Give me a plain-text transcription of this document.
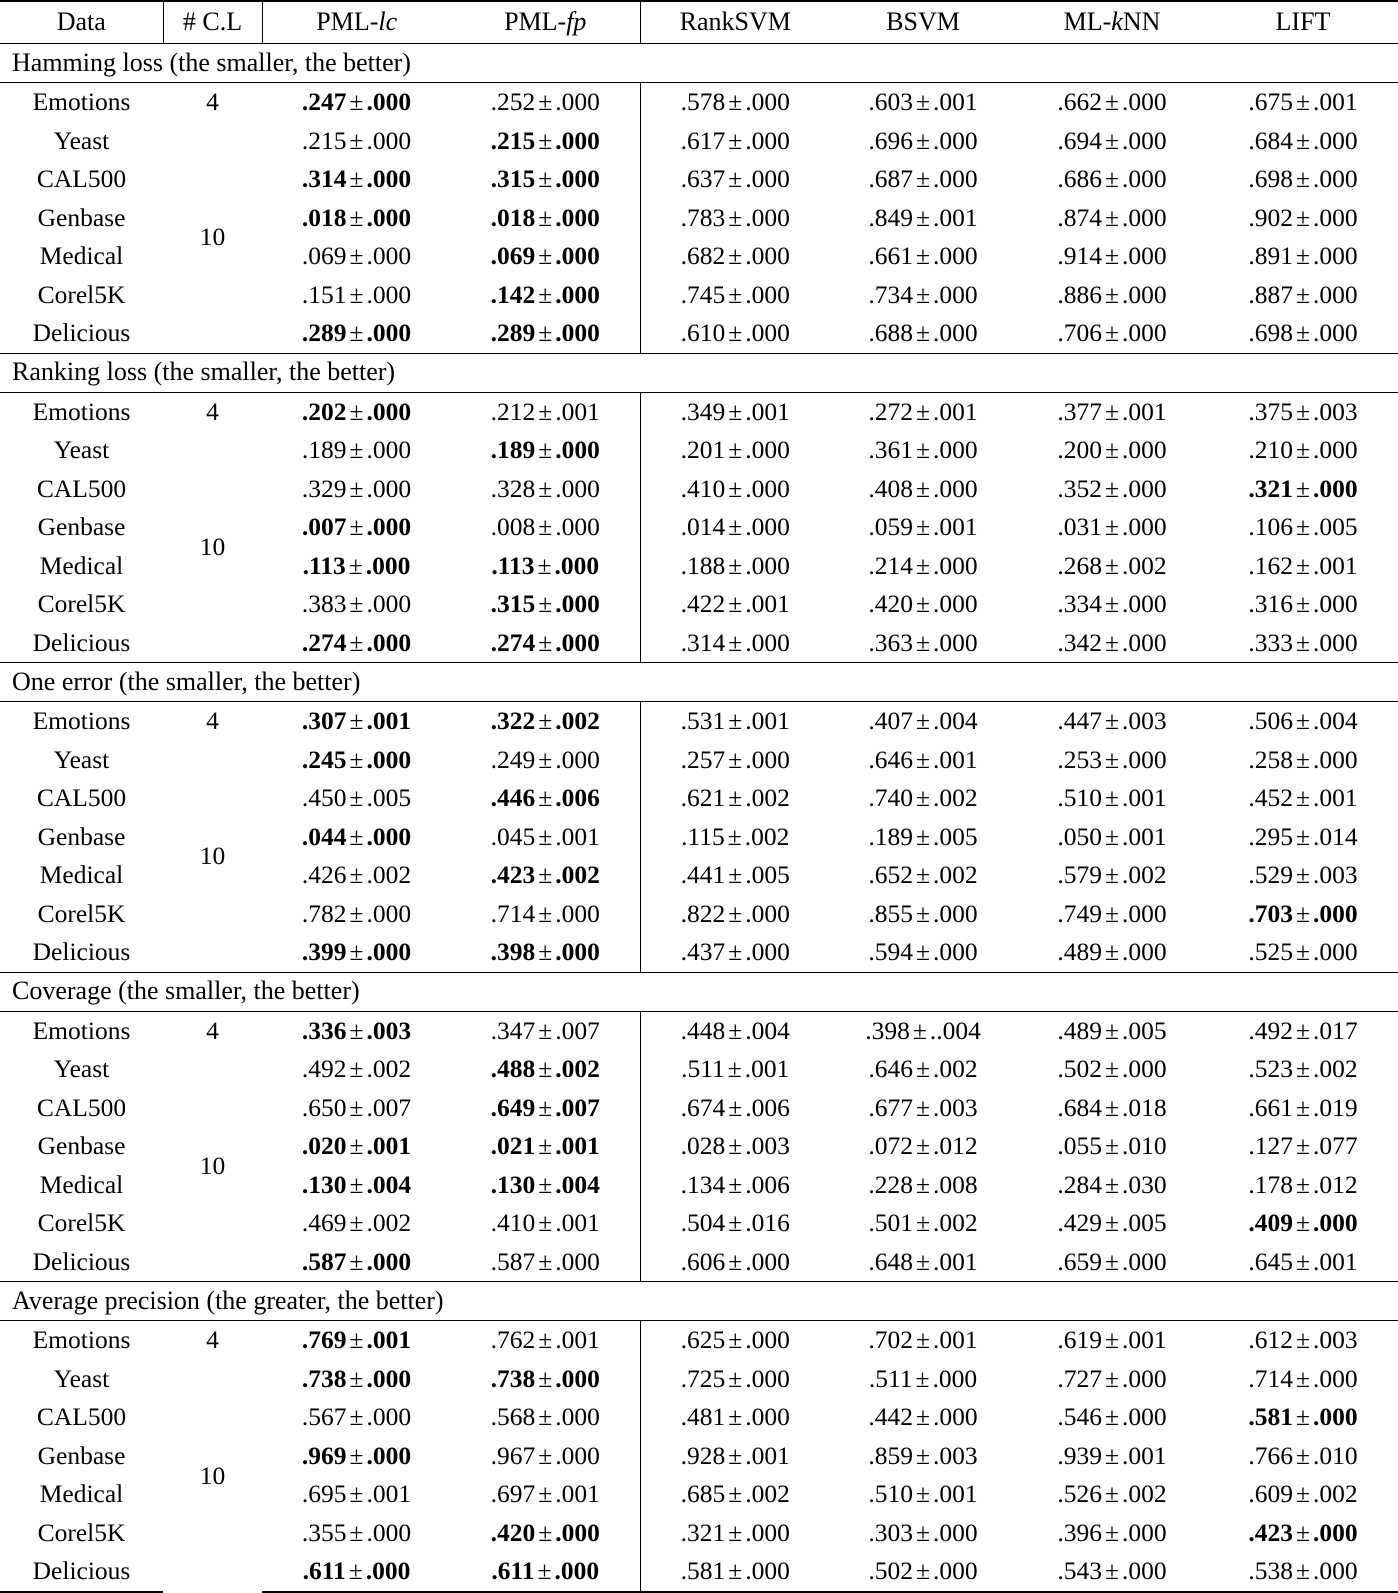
Data	# C.L	PML-lc	PML-fp	RankSVM	BSVM	ML-kNN	LIFT
Hamming loss (the smaller, the better)							
Emotions	4	.247 ± .000	.252 ± .000	.578 ± .000	.603 ± .001	.662 ± .000	.675 ± .001
Yeast	10	.215 ± .000	.215 ± .000	.617 ± .000	.696 ± .000	.694 ± .000	.684 ± .000
CAL500		.314 ± .000	.315 ± .000	.637 ± .000	.687 ± .000	.686 ± .000	.698 ± .000
Genbase		.018 ± .000	.018 ± .000	.783 ± .000	.849 ± .001	.874 ± .000	.902 ± .000
Medical		.069 ± .000	.069 ± .000	.682 ± .000	.661 ± .000	.914 ± .000	.891 ± .000
Corel5K		.151 ± .000	.142 ± .000	.745 ± .000	.734 ± .000	.886 ± .000	.887 ± .000
Delicious		.289 ± .000	.289 ± .000	.610 ± .000	.688 ± .000	.706 ± .000	.698 ± .000
Ranking loss (the smaller, the better)							
Emotions	4	.202 ± .000	.212 ± .001	.349 ± .001	.272 ± .001	.377 ± .001	.375 ± .003
Yeast	10	.189 ± .000	.189 ± .000	.201 ± .000	.361 ± .000	.200 ± .000	.210 ± .000
CAL500		.329 ± .000	.328 ± .000	.410 ± .000	.408 ± .000	.352 ± .000	.321 ± .000
Genbase		.007 ± .000	.008 ± .000	.014 ± .000	.059 ± .001	.031 ± .000	.106 ± .005
Medical		.113 ± .000	.113 ± .000	.188 ± .000	.214 ± .000	.268 ± .002	.162 ± .001
Corel5K		.383 ± .000	.315 ± .000	.422 ± .001	.420 ± .000	.334 ± .000	.316 ± .000
Delicious		.274 ± .000	.274 ± .000	.314 ± .000	.363 ± .000	.342 ± .000	.333 ± .000
One error (the smaller, the better)							
Emotions	4	.307 ± .001	.322 ± .002	.531 ± .001	.407 ± .004	.447 ± .003	.506 ± .004
Yeast	10	.245 ± .000	.249 ± .000	.257 ± .000	.646 ± .001	.253 ± .000	.258 ± .000
CAL500		.450 ± .005	.446 ± .006	.621 ± .002	.740 ± .002	.510 ± .001	.452 ± .001
Genbase		.044 ± .000	.045 ± .001	.115 ± .002	.189 ± .005	.050 ± .001	.295 ± .014
Medical		.426 ± .002	.423 ± .002	.441 ± .005	.652 ± .002	.579 ± .002	.529 ± .003
Corel5K		.782 ± .000	.714 ± .000	.822 ± .000	.855 ± .000	.749 ± .000	.703 ± .000
Delicious		.399 ± .000	.398 ± .000	.437 ± .000	.594 ± .000	.489 ± .000	.525 ± .000
Coverage (the smaller, the better)							
Emotions	4	.336 ± .003	.347 ± .007	.448 ± .004	.398 ± ..004	.489 ± .005	.492 ± .017
Yeast	10	.492 ± .002	.488 ± .002	.511 ± .001	.646 ± .002	.502 ± .000	.523 ± .002
CAL500		.650 ± .007	.649 ± .007	.674 ± .006	.677 ± .003	.684 ± .018	.661 ± .019
Genbase		.020 ± .001	.021 ± .001	.028 ± .003	.072 ± .012	.055 ± .010	.127 ± .077
Medical		.130 ± .004	.130 ± .004	.134 ± .006	.228 ± .008	.284 ± .030	.178 ± .012
Corel5K		.469 ± .002	.410 ± .001	.504 ± .016	.501 ± .002	.429 ± .005	.409 ± .000
Delicious		.587 ± .000	.587 ± .000	.606 ± .000	.648 ± .001	.659 ± .000	.645 ± .001
Average precision (the greater, the better)							
Emotions	4	.769 ± .001	.762 ± .001	.625 ± .000	.702 ± .001	.619 ± .001	.612 ± .003
Yeast	10	.738 ± .000	.738 ± .000	.725 ± .000	.511 ± .000	.727 ± .000	.714 ± .000
CAL500		.567 ± .000	.568 ± .000	.481 ± .000	.442 ± .000	.546 ± .000	.581 ± .000
Genbase		.969 ± .000	.967 ± .000	.928 ± .001	.859 ± .003	.939 ± .001	.766 ± .010
Medical		.695 ± .001	.697 ± .001	.685 ± .002	.510 ± .001	.526 ± .002	.609 ± .002
Corel5K		.355 ± .000	.420 ± .000	.321 ± .000	.303 ± .000	.396 ± .000	.423 ± .000
Delicious		.611 ± .000	.611 ± .000	.581 ± .000	.502 ± .000	.543 ± .000	.538 ± .000
